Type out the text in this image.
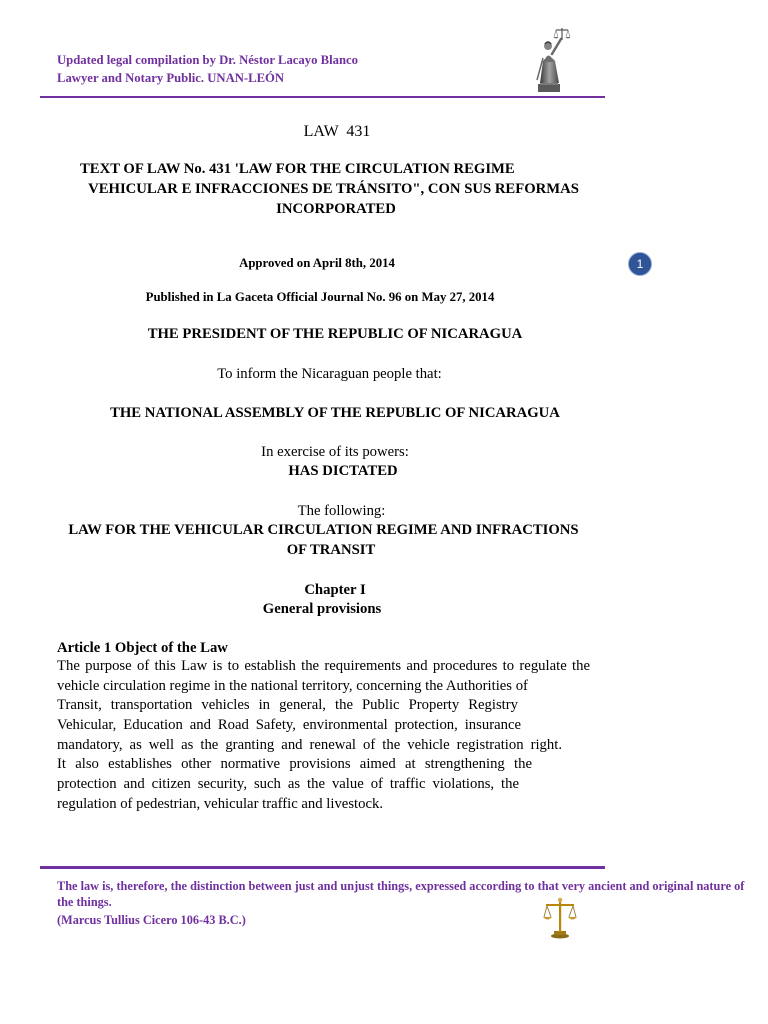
Updated legal compilation by Dr. Néstor Lacayo Blanco
Lawyer and Notary Public. UNAN-LEÓN
LAW  431
TEXT OF LAW No. 431 'LAW FOR THE CIRCULATION REGIME
VEHICULAR E INFRACCIONES DE TRÁNSITO", CON SUS REFORMAS
INCORPORATED
Approved on April 8th, 2014	1
Published in La Gaceta Official Journal No. 96 on May 27, 2014
THE PRESIDENT OF THE REPUBLIC OF NICARAGUA
To inform the Nicaraguan people that:
THE NATIONAL ASSEMBLY OF THE REPUBLIC OF NICARAGUA
In exercise of its powers:
HAS DICTATED
The following:
LAW FOR THE VEHICULAR CIRCULATION REGIME AND INFRACTIONS
OF TRANSIT
Chapter I
General provisions
Article 1 Object of the Law
The purpose of this Law is to establish the requirements and procedures to regulate the
vehicle circulation regime in the national territory, concerning the Authorities of
Transit, transportation vehicles in general, the Public Property Registry
Vehicular, Education and Road Safety, environmental protection, insurance
mandatory, as well as the granting and renewal of the vehicle registration right.
It also establishes other normative provisions aimed at strengthening the
protection and citizen security, such as the value of traffic violations, the
regulation of pedestrian, vehicular traffic and livestock.
The law is, therefore, the distinction between just and unjust things, expressed according to that very ancient and original nature of
the things.
(Marcus Tullius Cicero 106-43 B.C.)
